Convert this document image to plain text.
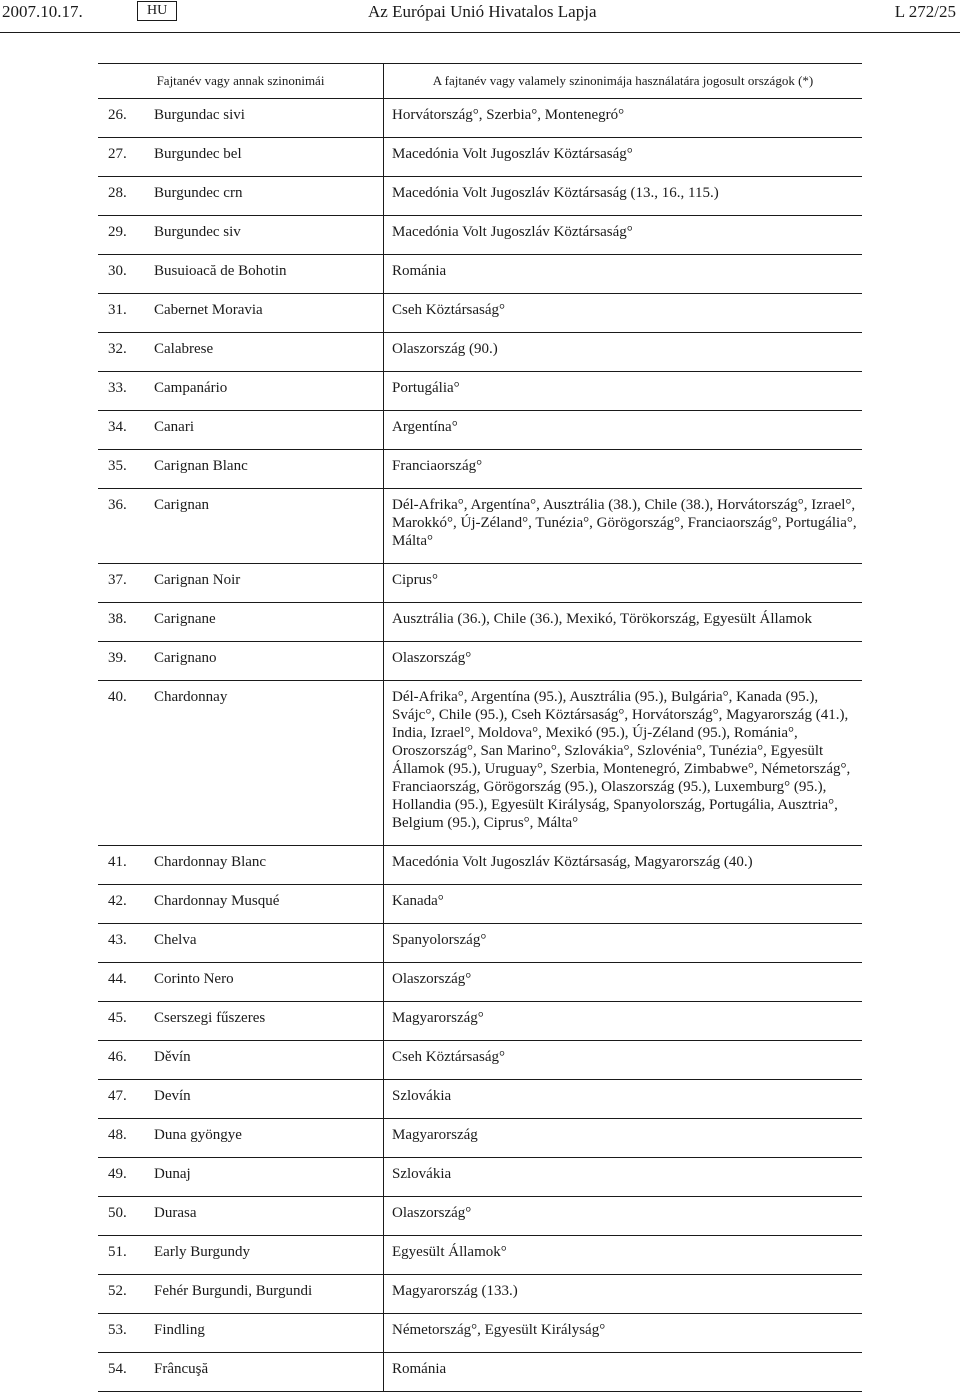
2007.10.17.	HU	Az Európai Unió Hivatalos Lapja	L 272/25
Fajtanév vagy annak szinonimái	A fajtanév vagy valamely szinonimája használatára jogosult országok (*)
26.	Burgundac sivi	Horvátország°, Szerbia°, Montenegró°
27.	Burgundec bel	Macedónia Volt Jugoszláv Köztársaság°
28.	Burgundec crn	Macedónia Volt Jugoszláv Köztársaság (13., 16., 115.)
29.	Burgundec siv	Macedónia Volt Jugoszláv Köztársaság°
30.	Busuioacă de Bohotin	Románia
31.	Cabernet Moravia	Cseh Köztársaság°
32.	Calabrese	Olaszország (90.)
33.	Campanário	Portugália°
34.	Canari	Argentína°
35.	Carignan Blanc	Franciaország°
36.	Carignan	Dél-Afrika°, Argentína°, Ausztrália (38.), Chile (38.), Horvátország°, Izrael°, Marokkó°, Új-Zéland°, Tunézia°, Görögország°, Franciaország°, Portugália°, Málta°
37.	Carignan Noir	Ciprus°
38.	Carignane	Ausztrália (36.), Chile (36.), Mexikó, Törökország, Egyesült Államok
39.	Carignano	Olaszország°
40.	Chardonnay	Dél-Afrika°, Argentína (95.), Ausztrália (95.), Bulgária°, Kanada (95.), Svájc°, Chile (95.), Cseh Köztársaság°, Horvátország°, Magyarország (41.), India, Izrael°, Moldova°, Mexikó (95.), Új-Zéland (95.), Románia°, Oroszország°, San Marino°, Szlovákia°, Szlovénia°, Tunézia°, Egyesült Államok (95.), Uruguay°, Szerbia, Montenegró, Zimbabwe°, Németország°, Franciaország, Görögország (95.), Olaszország (95.), Luxemburg° (95.), Hollandia (95.), Egyesült Királyság, Spanyolország, Portugália, Ausztria°, Belgium (95.), Ciprus°, Málta°
41.	Chardonnay Blanc	Macedónia Volt Jugoszláv Köztársaság, Magyarország (40.)
42.	Chardonnay Musqué	Kanada°
43.	Chelva	Spanyolország°
44.	Corinto Nero	Olaszország°
45.	Cserszegi fűszeres	Magyarország°
46.	Děvín	Cseh Köztársaság°
47.	Devín	Szlovákia
48.	Duna gyöngye	Magyarország
49.	Dunaj	Szlovákia
50.	Durasa	Olaszország°
51.	Early Burgundy	Egyesült Államok°
52.	Fehér Burgundi, Burgundi	Magyarország (133.)
53.	Findling	Németország°, Egyesült Királyság°
54.	Frâncuşă	Románia
